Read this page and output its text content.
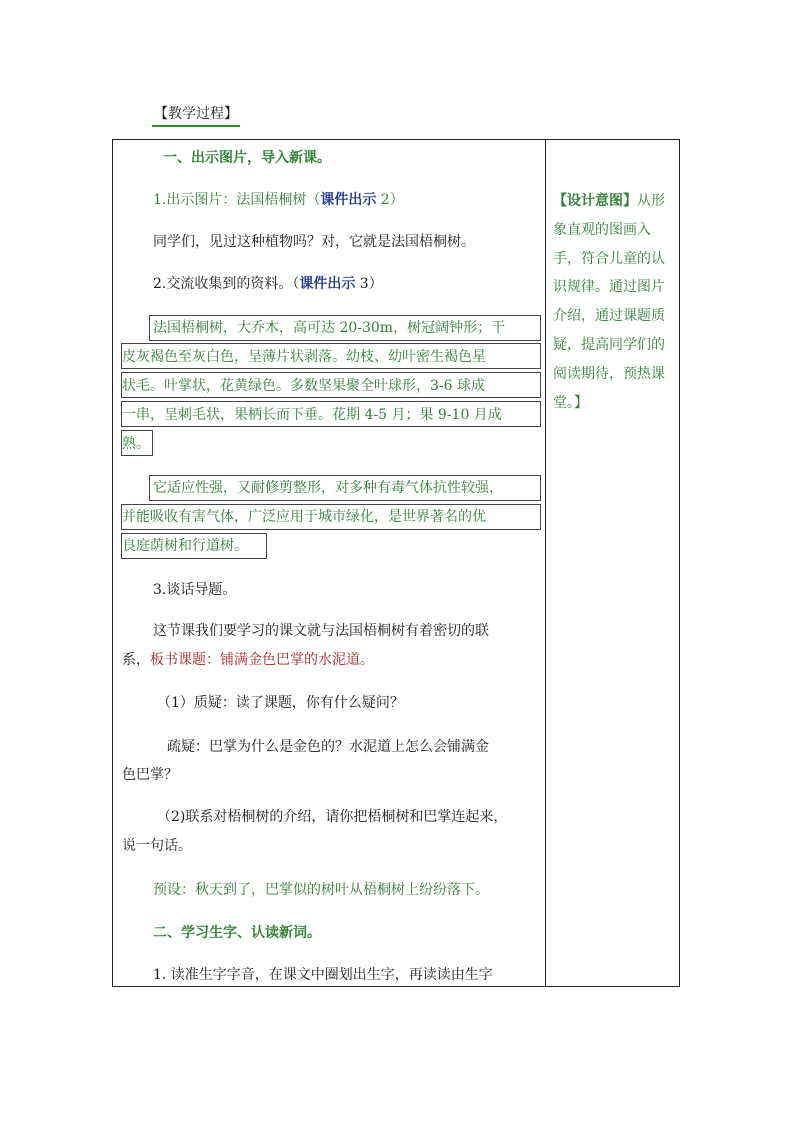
【教学过程】
一、出示图片，导入新课。
1.出示图片：法国梧桐树（课件出示 2）
同学们，见过这种植物吗？对，它就是法国梧桐树。
2.交流收集到的资料。（课件出示 3）
法国梧桐树，大乔木，高可达 20-30m，树冠阔钟形；干
皮灰褐色至灰白色，呈薄片状剥落。幼枝、幼叶密生褐色星
状毛。叶掌状，花黄绿色。多数坚果聚全叶球形，3-6 球成
一串，呈刺毛状，果柄长而下垂。花期 4-5 月；果 9-10 月成
熟。
它适应性强，又耐修剪整形，对多种有毒气体抗性较强，
并能吸收有害气体，广泛应用于城市绿化，是世界著名的优
良庭荫树和行道树。
3.谈话导题。
这节课我们要学习的课文就与法国梧桐树有着密切的联
系，板书课题：铺满金色巴掌的水泥道。
（1）质疑：读了课题，你有什么疑问？
疏疑：巴掌为什么是金色的？水泥道上怎么会铺满金
色巴掌？
（2)联系对梧桐树的介绍，请你把梧桐树和巴掌连起来，
说一句话。
预设：秋天到了，巴掌似的树叶从梧桐树上纷纷落下。
二、学习生字、认读新词。
1. 读准生字字音，在课文中圈划出生字，再读读由生字
【设计意图】从形
象直观的图画入
手，符合儿童的认
识规律。通过图片
介绍，通过课题质
疑，提高同学们的
阅读期待，预热课
堂。】
